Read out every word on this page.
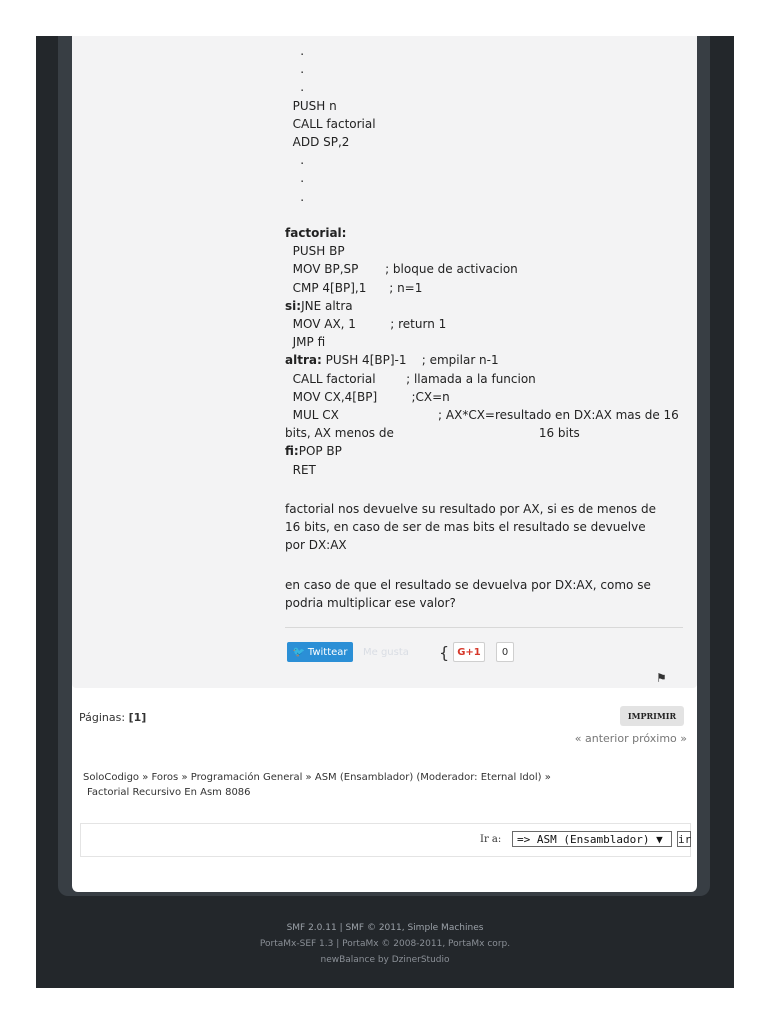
.
.
.
PUSH n
CALL factorial
ADD SP,2
.
.
.
factorial:
PUSH BP
MOV BP,SP       ; bloque de activacion
CMP 4[BP],1      ; n=1
si:JNE altra
MOV AX, 1         ; return 1
JMP fi
altra: PUSH 4[BP]-1    ; empilar n-1
CALL factorial        ; llamada a la funcion
MOV CX,4[BP]         ;CX=n
MUL CX                          ; AX*CX=resultado en DX:AX mas de 16
bits, AX menos de                                      16 bits
fi:POP BP
RET
factorial nos devuelve su resultado por AX, si es de menos de 16 bits, en caso de ser de mas bits el resultado se devuelve por DX:AX
en caso de que el resultado se devuelva por DX:AX, como se podria multiplicar ese valor?
🐦 Twittear Me gusta { G+1	0
⚑
Páginas: [1]	IMPRIMIR
« anterior próximo »
SoloCodigo » Foros » Programación General » ASM (Ensamblador) (Moderador: Eternal Idol) »
Factorial Recursivo En Asm 8086
Ir a:	=> ASM (Ensamblador) ▼	ir
SMF 2.0.11 | SMF © 2011, Simple Machines
PortaMx-SEF 1.3 | PortaMx © 2008-2011, PortaMx corp.
newBalance by DzinerStudio
